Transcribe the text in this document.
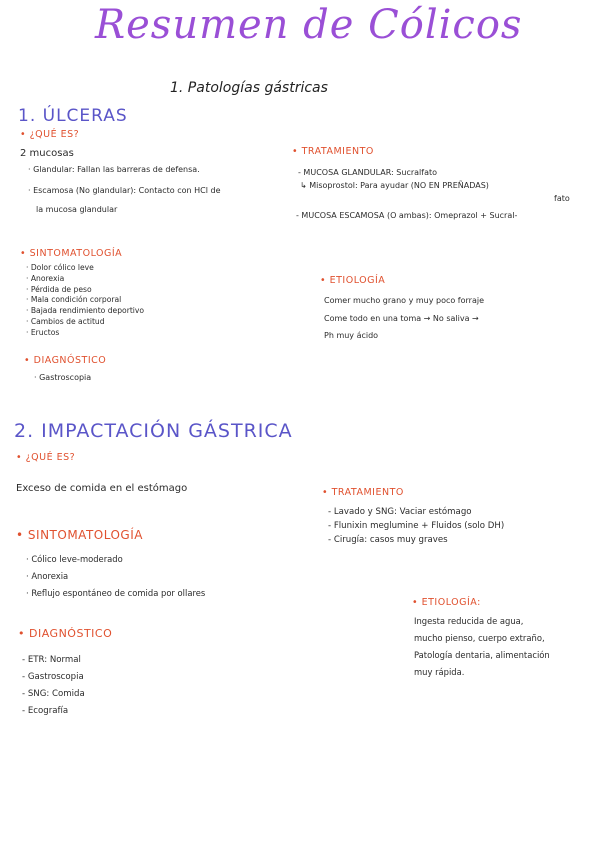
Resumen de Cólicos
1. Patologías gástricas
1. ÚLCERAS
• ¿QUÉ ES?
2 mucosas
· Glandular: Fallan las barreras de defensa.
· Escamosa (No glandular): Contacto con HCl de
la mucosa glandular
• TRATAMIENTO
- MUCOSA GLANDULAR: Sucralfato
↳ Misoprostol: Para ayudar (NO EN PREÑADAS)
fato
- MUCOSA ESCAMOSA (O ambas): Omeprazol + Sucral-
• SINTOMATOLOGÍA
· Dolor cólico leve
· Anorexia
· Pérdida de peso
· Mala condición corporal
· Bajada rendimiento deportivo
· Cambios de actitud
· Eructos
• ETIOLOGÍA
Comer mucho grano y muy poco forraje
Come todo en una toma → No saliva →
Ph muy ácido
• DIAGNÓSTICO
· Gastroscopia
2. IMPACTACIÓN GÁSTRICA
• ¿QUÉ ES?
Exceso de comida en el estómago	• TRATAMIENTO
- Lavado y SNG: Vaciar estómago
- Flunixin meglumine + Fluidos (solo DH)
- Cirugía: casos muy graves
• SINTOMATOLOGÍA
· Cólico leve-moderado
· Anorexia
· Reflujo espontáneo de comida por ollares
• ETIOLOGÍA:
Ingesta reducida de agua,
mucho pienso, cuerpo extraño,
Patología dentaria, alimentación
muy rápida.
• DIAGNÓSTICO
- ETR: Normal
- Gastroscopia
- SNG: Comida
- Ecografía
